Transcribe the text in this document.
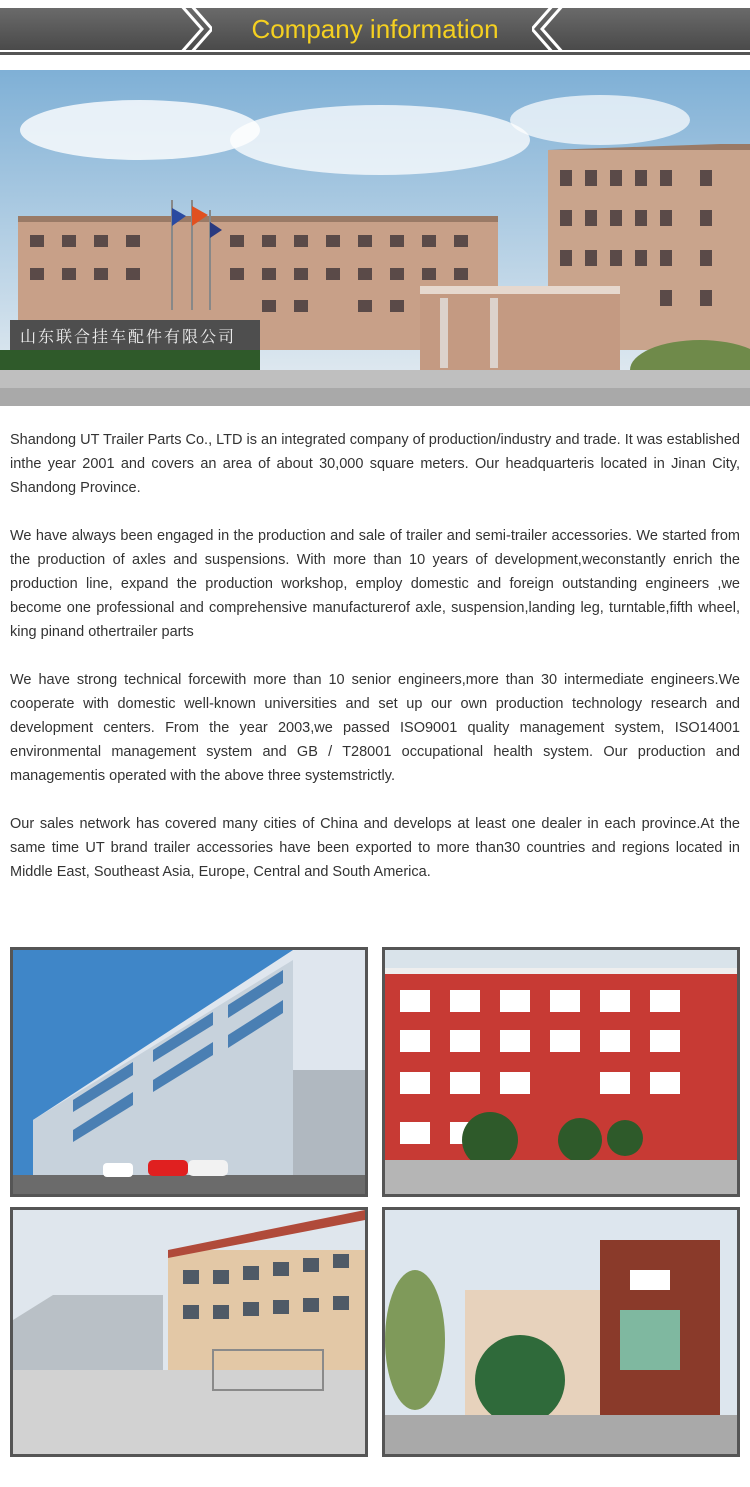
Company information
山东联合挂车配件有限公司

Shandong UT Trailer Parts Co., LTD is an integrated company of production/industry and trade. It was established inthe year 2001 and covers an area of about 30,000 square meters. Our headquarteris located in Jinan City, Shandong Province.

We have always been engaged in the production and sale of trailer and semi-trailer accessories. We started from the production of axles and suspensions. With more than 10 years of development,weconstantly enrich the production line, expand the production workshop, employ domestic and foreign outstanding engineers ,we become one professional and comprehensive manufacturerof axle, suspension,landing leg, turntable,fifth wheel, king pinand othertrailer parts

We have strong technical forcewith more than 10 senior engineers,more than 30 intermediate engineers.We cooperate with domestic well-known universities and set up our own production technology research and development centers. From the year 2003,we passed ISO9001 quality management system, ISO14001 environmental management system and GB / T28001 occupational health system. Our production and managementis operated with the above three systemstrictly.

Our sales network has covered many cities of China and develops at least one dealer in each province.At the same time UT brand trailer accessories have been exported to more than30 countries and regions located in Middle East, Southeast Asia, Europe, Central and South America.
